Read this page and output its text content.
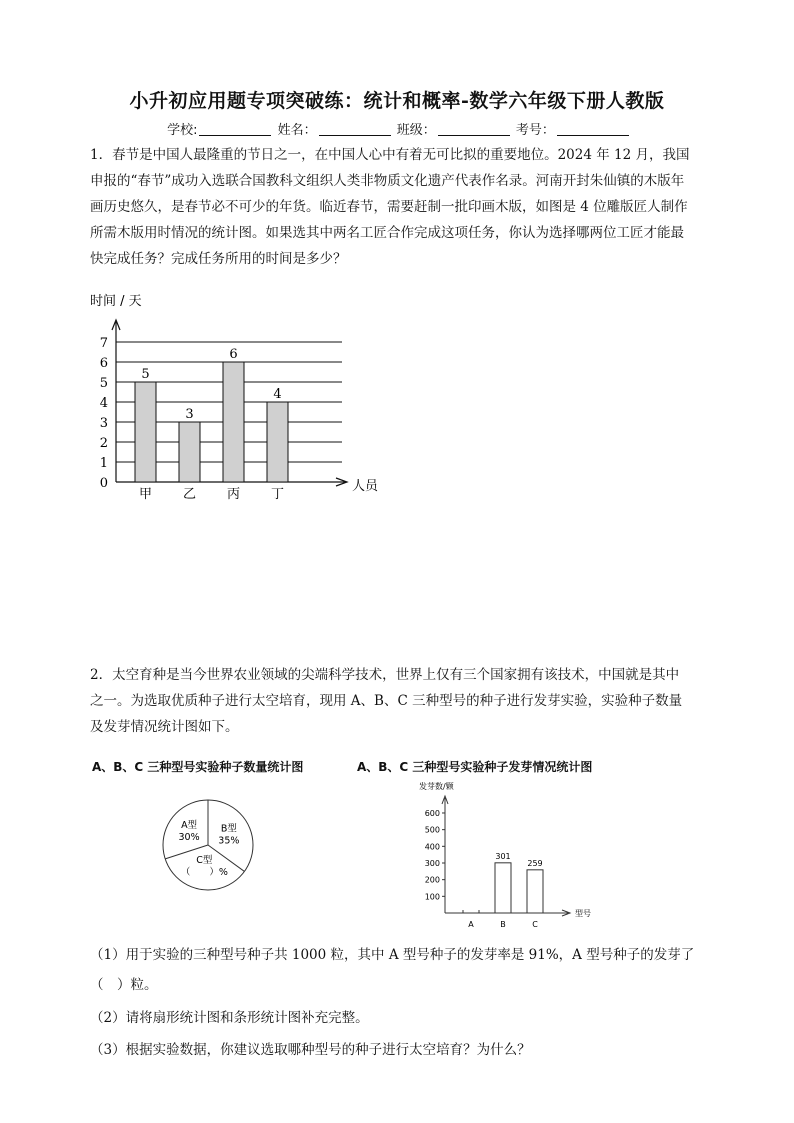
小升初应用题专项突破练：统计和概率-数学六年级下册人教版
学校:	姓名：	班级：	考号：
1．春节是中国人最隆重的节日之一，在中国人心中有着无可比拟的重要地位。2024 年 12 月，我国
申报的“春节”成功入选联合国教科文组织人类非物质文化遗产代表作名录。河南开封朱仙镇的木版年
画历史悠久，是春节必不可少的年货。临近春节，需要赶制一批印画木版，如图是 4 位雕版匠人制作
所需木版用时情况的统计图。如果选其中两名工匠合作完成这项任务，你认为选择哪两位工匠才能最
快完成任务？完成任务所用的时间是多少？
0
1
2
3
4
5
6
7
时间 / 天
人员
5
甲
3
乙
6
丙
4
丁
2．太空育种是当今世界农业领域的尖端科学技术，世界上仅有三个国家拥有该技术，中国就是其中
之一。为选取优质种子进行太空培育，现用 A、B、C 三种型号的种子进行发芽实验，实验种子数量
及发芽情况统计图如下。
A、B、C 三种型号实验种子数量统计图	A、B、C 三种型号实验种子发芽情况统计图
A型
30%
B型
35%
C型
（　　）%
发芽数/颗
型号
100
200
300
400
500
600
A
301
B
259
C
（1）用于实验的三种型号种子共 1000 粒，其中 A 型号种子的发芽率是 91%，A 型号种子的发芽了
（　）粒。
（2）请将扇形统计图和条形统计图补充完整。
（3）根据实验数据，你建议选取哪种型号的种子进行太空培育？为什么？
